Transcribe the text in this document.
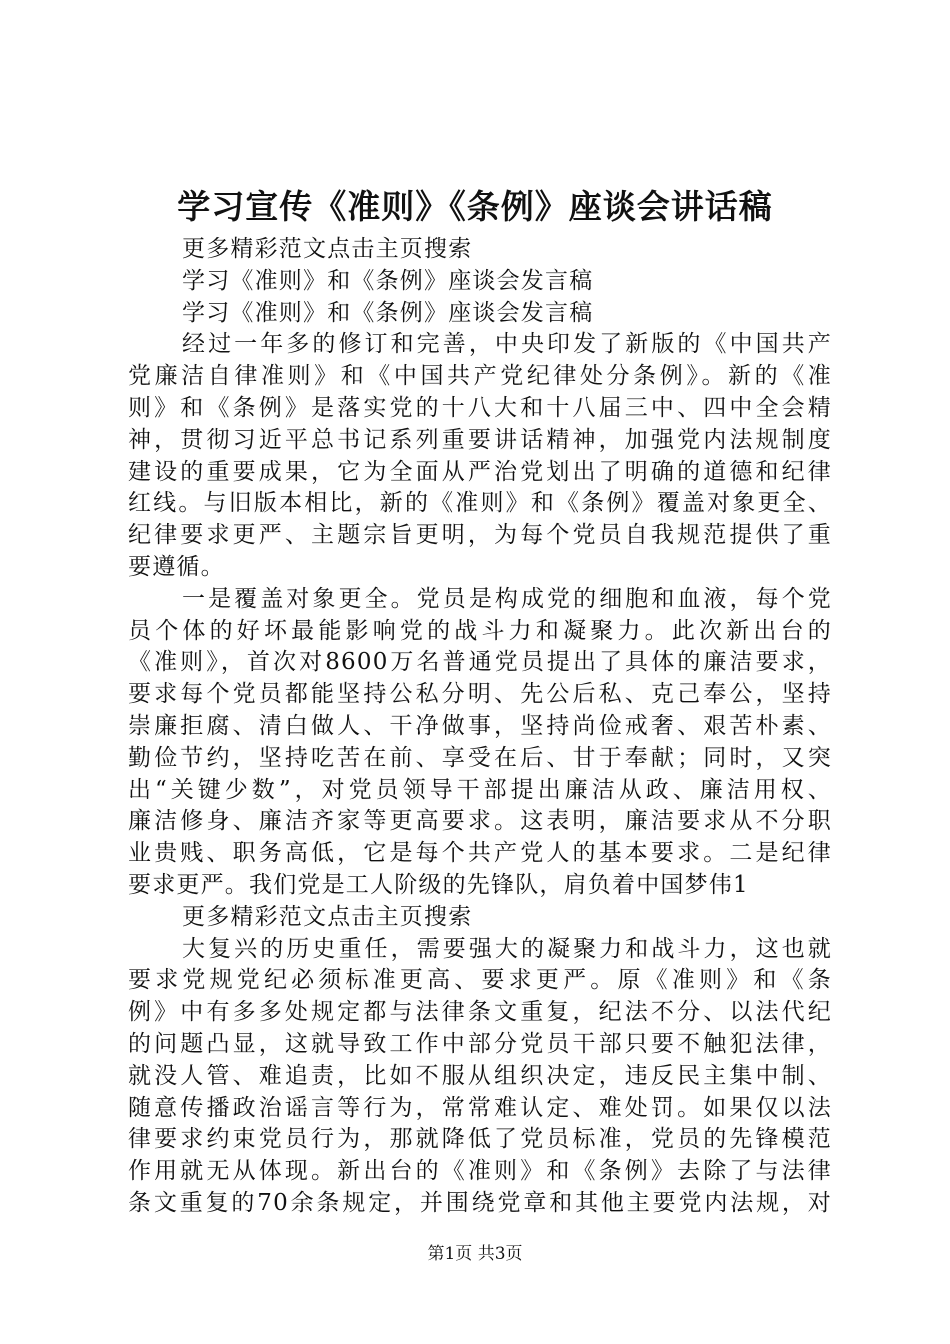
学习宣传《准则》《条例》座谈会讲话稿
更多精彩范文点击主页搜索
学习《准则》和《条例》座谈会发言稿
学习《准则》和《条例》座谈会发言稿
经过一年多的修订和完善，中央印发了新版的《中国共产
党廉洁自律准则》和《中国共产党纪律处分条例》。新的《准
则》和《条例》是落实党的十八大和十八届三中、四中全会精
神，贯彻习近平总书记系列重要讲话精神，加强党内法规制度
建设的重要成果，它为全面从严治党划出了明确的道德和纪律
红线。与旧版本相比，新的《准则》和《条例》覆盖对象更全、
纪律要求更严、主题宗旨更明，为每个党员自我规范提供了重
要遵循。
一是覆盖对象更全。党员是构成党的细胞和血液，每个党
员个体的好坏最能影响党的战斗力和凝聚力。此次新出台的
《准则》，首次对8600万名普通党员提出了具体的廉洁要求，
要求每个党员都能坚持公私分明、先公后私、克己奉公，坚持
崇廉拒腐、清白做人、干净做事，坚持尚俭戒奢、艰苦朴素、
勤俭节约，坚持吃苦在前、享受在后、甘于奉献；同时，又突
出“关键少数”，对党员领导干部提出廉洁从政、廉洁用权、
廉洁修身、廉洁齐家等更高要求。这表明，廉洁要求从不分职
业贵贱、职务高低，它是每个共产党人的基本要求。二是纪律
要求更严。我们党是工人阶级的先锋队，肩负着中国梦伟1
更多精彩范文点击主页搜索
大复兴的历史重任，需要强大的凝聚力和战斗力，这也就
要求党规党纪必须标准更高、要求更严。原《准则》和《条
例》中有多多处规定都与法律条文重复，纪法不分、以法代纪
的问题凸显，这就导致工作中部分党员干部只要不触犯法律，
就没人管、难追责，比如不服从组织决定，违反民主集中制、
随意传播政治谣言等行为，常常难认定、难处罚。如果仅以法
律要求约束党员行为，那就降低了党员标准，党员的先锋模范
作用就无从体现。新出台的《准则》和《条例》去除了与法律
条文重复的70余条规定，并围绕党章和其他主要党内法规，对
第1页 共3页
